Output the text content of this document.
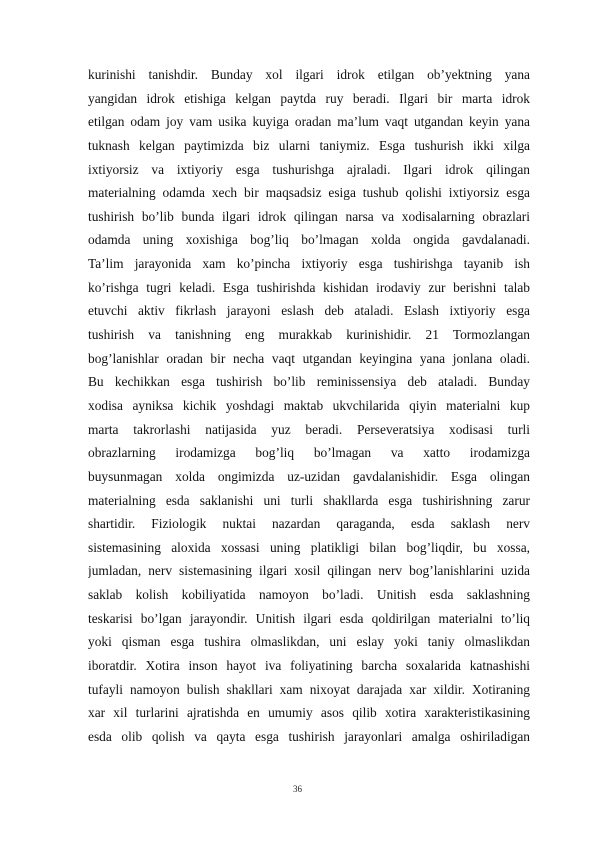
kurinishi tanishdir. Bunday xol ilgari idrok etilgan ob’yektning yana
yangidan idrok etishiga kelgan paytda ruy beradi. Ilgari bir marta idrok
etilgan odam joy vam usika kuyiga oradan ma’lum vaqt utgandan keyin yana
tuknash kelgan paytimizda biz ularni taniymiz. Esga tushurish ikki xilga
ixtiyorsiz va ixtiyoriy esga tushurishga ajraladi. Ilgari idrok qilingan
materialning odamda xech bir maqsadsiz esiga tushub qolishi ixtiyorsiz esga
tushirish bo’lib bunda ilgari idrok qilingan narsa va xodisalarning obrazlari
odamda uning xoxishiga bog’liq bo’lmagan xolda ongida gavdalanadi.
Ta’lim jarayonida xam ko’pincha ixtiyoriy esga tushirishga tayanib ish
ko’rishga tugri keladi. Esga tushirishda kishidan irodaviy zur berishni talab
etuvchi aktiv fikrlash jarayoni eslash deb ataladi. Eslash ixtiyoriy esga
tushirish va tanishning eng murakkab kurinishidir. 21 Tormozlangan
bog’lanishlar oradan bir necha vaqt utgandan keyingina yana jonlana oladi.
Bu kechikkan esga tushirish bo’lib reminissensiya deb ataladi. Bunday
xodisa ayniksa kichik yoshdagi maktab ukvchilarida qiyin materialni kup
marta takrorlashi natijasida yuz beradi. Perseveratsiya xodisasi turli
obrazlarning irodamizga bog’liq bo’lmagan va xatto irodamizga
buysunmagan xolda ongimizda uz-uzidan gavdalanishidir. Esga olingan
materialning esda saklanishi uni turli shakllarda esga tushirishning zarur
shartidir. Fiziologik nuktai nazardan qaraganda, esda saklash nerv
sistemasining aloxida xossasi uning platikligi bilan bog’liqdir, bu xossa,
jumladan, nerv sistemasining ilgari xosil qilingan nerv bog’lanishlarini uzida
saklab kolish kobiliyatida namoyon bo’ladi. Unitish esda saklashning
teskarisi bo’lgan jarayondir. Unitish ilgari esda qoldirilgan materialni to’liq
yoki qisman esga tushira olmaslikdan, uni eslay yoki taniy olmaslikdan
iboratdir. Xotira inson hayot iva foliyatining barcha soxalarida katnashishi
tufayli namoyon bulish shakllari xam nixoyat darajada xar xildir. Xotiraning
xar xil turlarini ajratishda en umumiy asos qilib xotira xarakteristikasining
esda olib qolish va qayta esga tushirish jarayonlari amalga oshiriladigan
36
